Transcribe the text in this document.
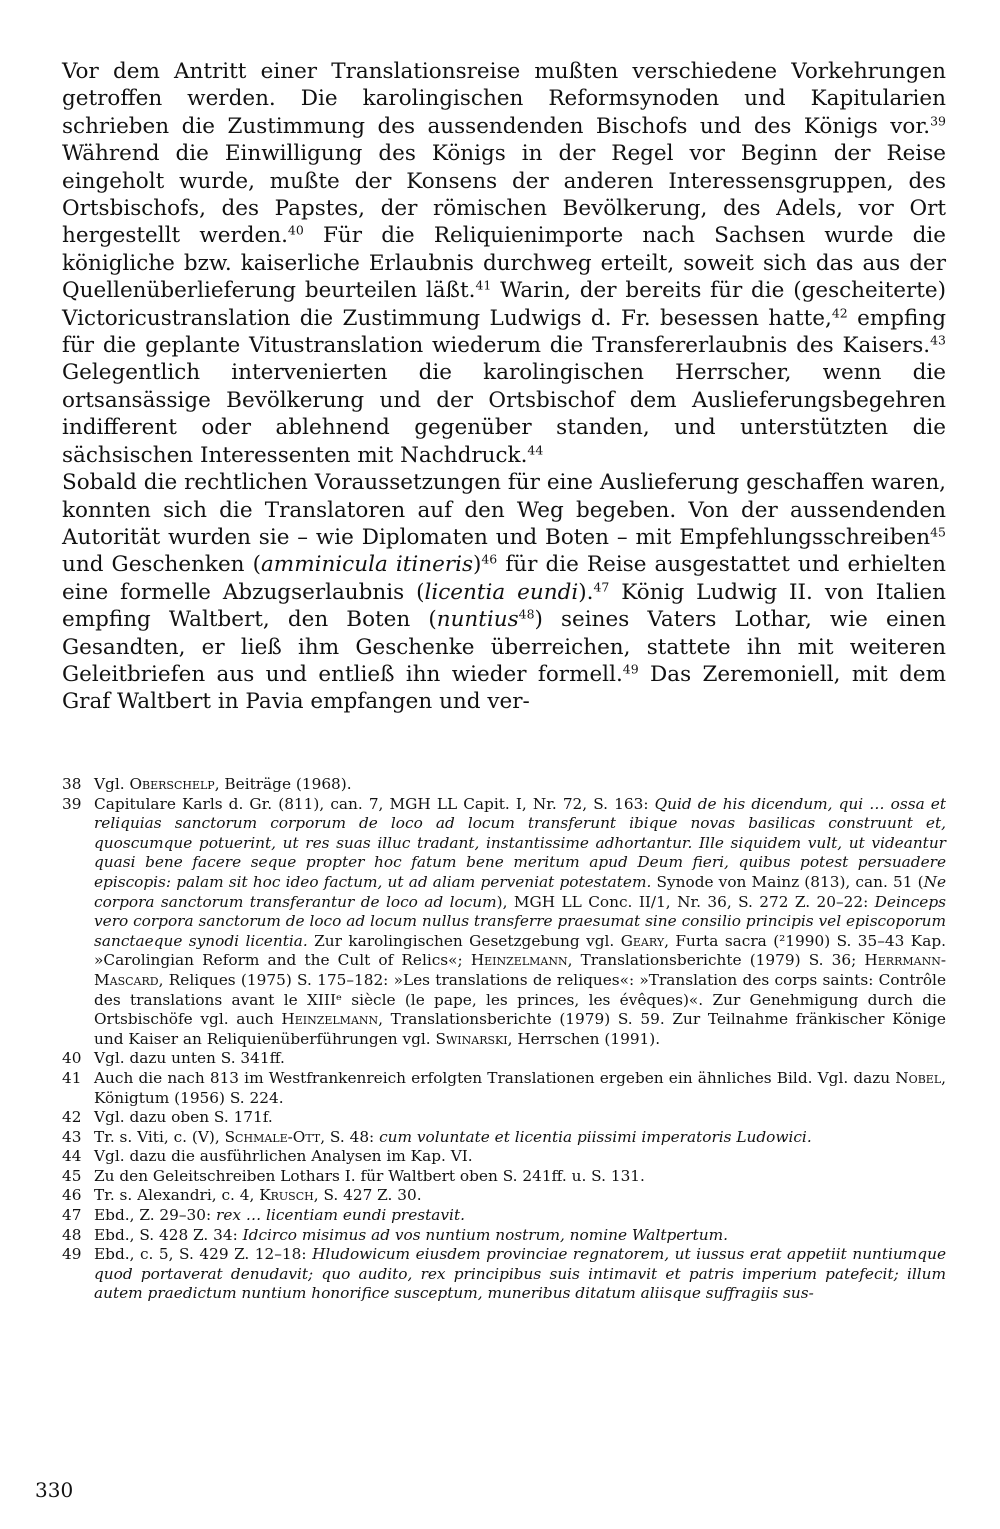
Vor dem Antritt einer Translationsreise mußten verschiedene Vorkehrungen getroffen werden. Die karolingischen Reformsynoden und Kapitularien schrieben die Zustimmung des aussendenden Bischofs und des Königs vor.$^{39}$ Während die Einwilligung des Königs in der Regel vor Beginn der Reise eingeholt wurde, mußte der Konsens der anderen Interessensgruppen, des Ortsbischofs, des Papstes, der römischen Bevölkerung, des Adels, vor Ort hergestellt werden.$^{40}$ Für die Reliquienimporte nach Sachsen wurde die königliche bzw. kaiserliche Erlaubnis durchweg erteilt, soweit sich das aus der Quellenüberlieferung beurteilen läßt.$^{41}$ Warin, der bereits für die (gescheiterte) Victoricustranslation die Zustimmung Ludwigs d. Fr. besessen hatte,$^{42}$ empfing für die geplante Vitustranslation wiederum die Transfererlaubnis des Kaisers.$^{43}$ Gelegentlich intervenierten die karolingischen Herrscher, wenn die ortsansässige Bevölkerung und der Ortsbischof dem Auslieferungsbegehren indifferent oder ablehnend gegenüber standen, und unterstützten die sächsischen Interessenten mit Nachdruck.$^{44}$

Sobald die rechtlichen Voraussetzungen für eine Auslieferung geschaffen waren, konnten sich die Translatoren auf den Weg begeben. Von der aussendenden Autorität wurden sie – wie Diplomaten und Boten – mit Empfehlungsschreiben$^{45}$ und Geschenken (amminicula itineris)$^{46}$ für die Reise ausgestattet und erhielten eine formelle Abzugserlaubnis (licentia eundi).$^{47}$ König Ludwig II. von Italien empfing Waltbert, den Boten (nuntius$^{48}$) seines Vaters Lothar, wie einen Gesandten, er ließ ihm Geschenke überreichen, stattete ihn mit weiteren Geleitbriefen aus und entließ ihn wieder formell.$^{49}$ Das Zeremoniell, mit dem Graf Waltbert in Pavia empfangen und ver-

38 Vgl. Oberschelp, Beiträge (1968).
39 Capitulare Karls d. Gr. (811), can. 7, MGH LL Capit. I, Nr. 72, S. 163: Quid de his dicendum, qui … ossa et reliquias sanctorum corporum de loco ad locum transferunt ibique novas basilicas construunt et, quoscumque potuerint, ut res suas illuc tradant, instantissime adhortantur. Ille siquidem vult, ut videantur quasi bene facere seque propter hoc fatum bene meritum apud Deum fieri, quibus potest persuadere episcopis: palam sit hoc ideo factum, ut ad aliam perveniat potestatem. Synode von Mainz (813), can. 51 (Ne corpora sanctorum transferantur de loco ad locum), MGH LL Conc. II/1, Nr. 36, S. 272 Z. 20–22: Deinceps vero corpora sanctorum de loco ad locum nullus transferre praesumat sine consilio principis vel episcoporum sanctaeque synodi licentia. Zur karolingischen Gesetzgebung vgl. Geary, Furta sacra (²1990) S. 35–43 Kap. »Carolingian Reform and the Cult of Relics«; Heinzelmann, Translationsberichte (1979) S. 36; Herrmann-Mascard, Reliques (1975) S. 175–182: »Les translations de reliques«: »Translation des corps saints: Contrôle des translations avant le XIIIᵉ siècle (le pape, les princes, les évêques)«. Zur Genehmigung durch die Ortsbischöfe vgl. auch Heinzelmann, Translationsberichte (1979) S. 59. Zur Teilnahme fränkischer Könige und Kaiser an Reliquienüberführungen vgl. Swinarski, Herrschen (1991).
40 Vgl. dazu unten S. 341ff.
41 Auch die nach 813 im Westfrankenreich erfolgten Translationen ergeben ein ähnliches Bild. Vgl. dazu Nobel, Königtum (1956) S. 224.
42 Vgl. dazu oben S. 171f.
43 Tr. s. Viti, c. (V), Schmale-Ott, S. 48: cum voluntate et licentia piissimi imperatoris Ludowici.
44 Vgl. dazu die ausführlichen Analysen im Kap. VI.
45 Zu den Geleitschreiben Lothars I. für Waltbert oben S. 241ff. u. S. 131.
46 Tr. s. Alexandri, c. 4, Krusch, S. 427 Z. 30.
47 Ebd., Z. 29–30: rex … licentiam eundi prestavit.
48 Ebd., S. 428 Z. 34: Idcirco misimus ad vos nuntium nostrum, nomine Waltpertum.
49 Ebd., c. 5, S. 429 Z. 12–18: Hludowicum eiusdem provinciae regnatorem, ut iussus erat appetiit nuntiumque quod portaverat denudavit; quo audito, rex principibus suis intimavit et patris imperium patefecit; illum autem praedictum nuntium honorifice susceptum, muneribus ditatum aliisque suffragiis sus-
330
